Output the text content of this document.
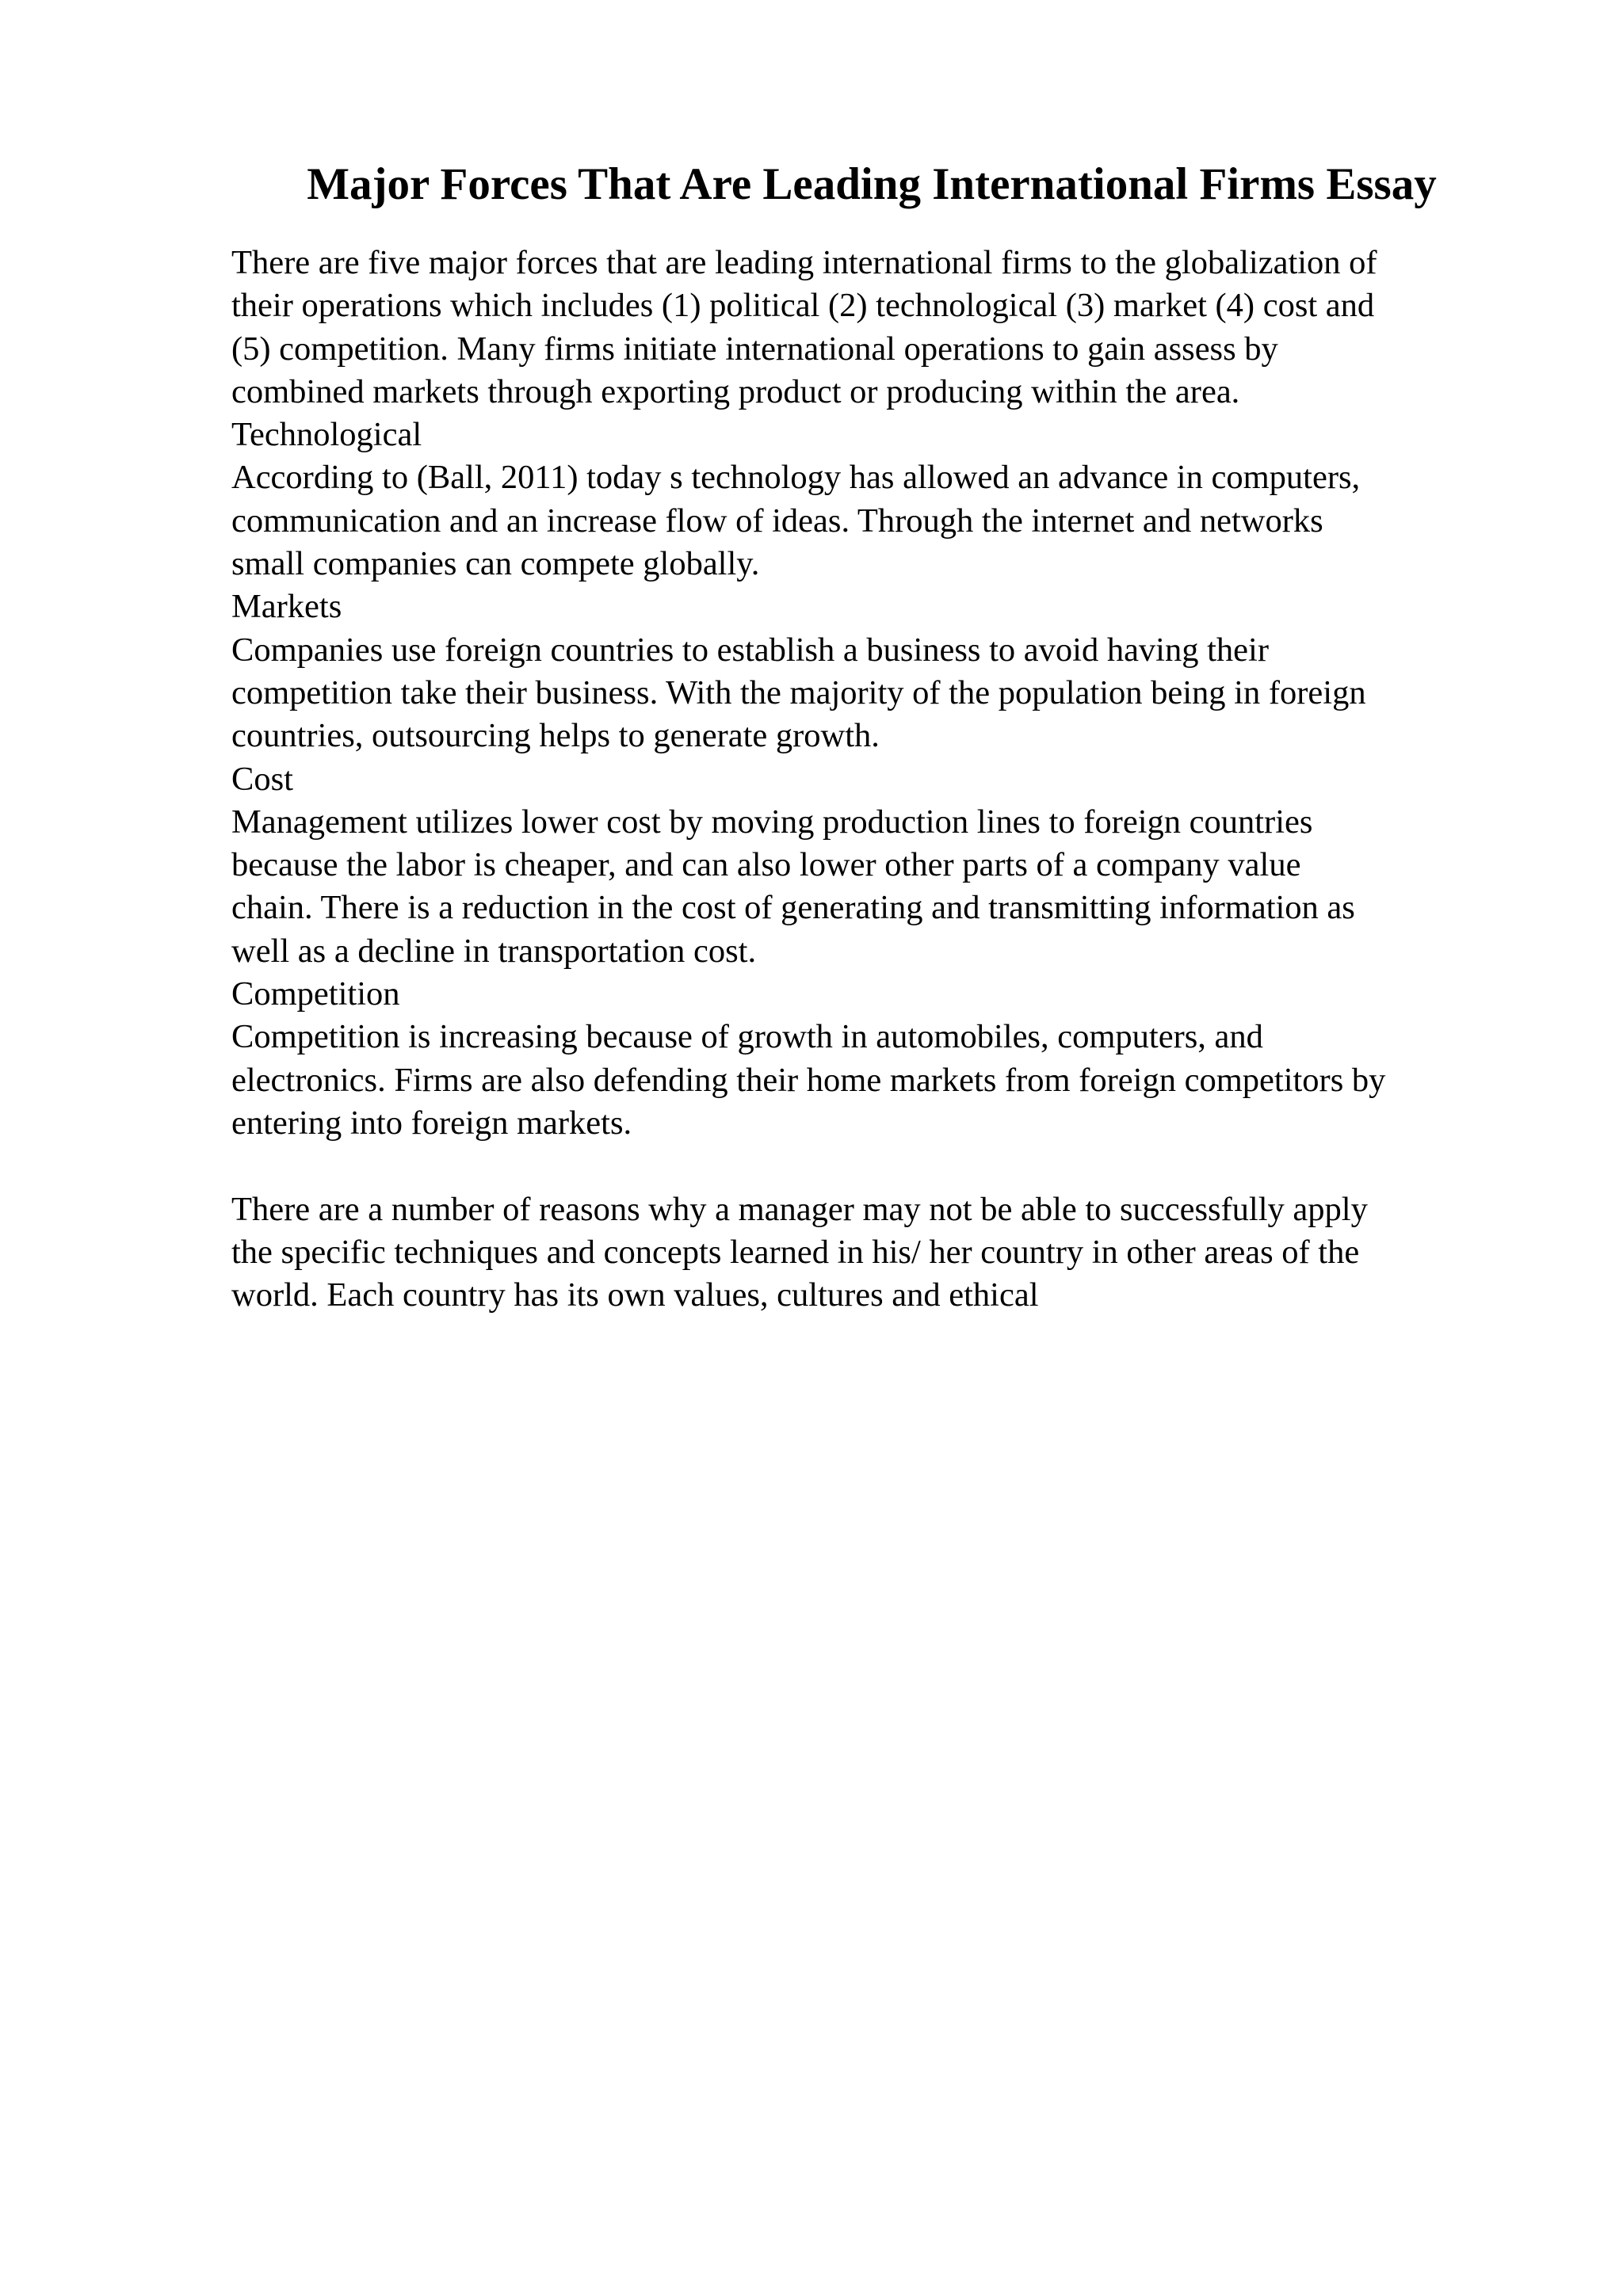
Major Forces That Are Leading International Firms Essay
There are five major forces that are leading international firms to the globalization of
their operations which includes (1) political (2) technological (3) market (4) cost and
(5) competition. Many firms initiate international operations to gain assess by
combined markets through exporting product or producing within the area.
Technological
According to (Ball, 2011) today s technology has allowed an advance in computers,
communication and an increase flow of ideas. Through the internet and networks
small companies can compete globally.
Markets
Companies use foreign countries to establish a business to avoid having their
competition take their business. With the majority of the population being in foreign
countries, outsourcing helps to generate growth.
Cost
Management utilizes lower cost by moving production lines to foreign countries
because the labor is cheaper, and can also lower other parts of a company value
chain. There is a reduction in the cost of generating and transmitting information as
well as a decline in transportation cost.
Competition
Competition is increasing because of growth in automobiles, computers, and
electronics. Firms are also defending their home markets from foreign competitors by
entering into foreign markets.
There are a number of reasons why a manager may not be able to successfully apply
the specific techniques and concepts learned in his/ her country in other areas of the
world. Each country has its own values, cultures and ethical
